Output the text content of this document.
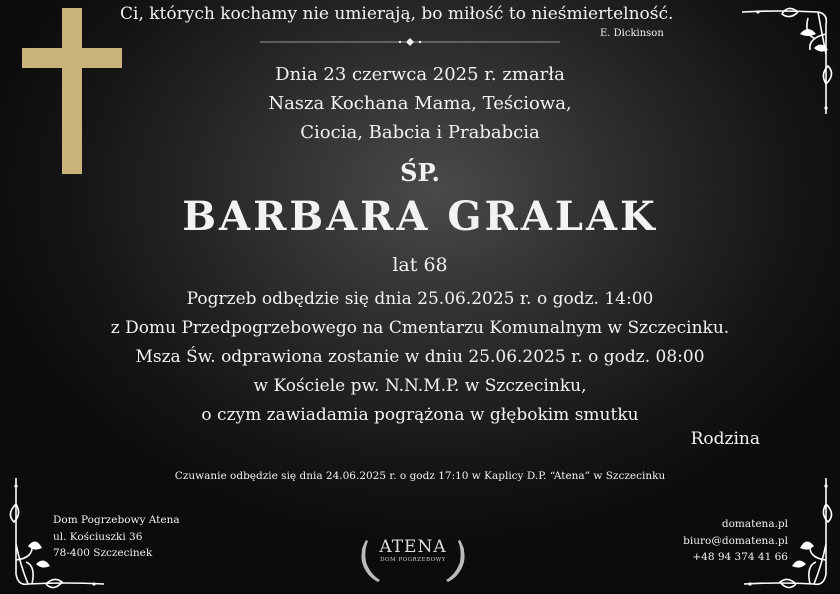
Ci, których kochamy nie umierają, bo miłość to nieśmiertelność.
E. Dickinson
Dnia 23 czerwca 2025 r. zmarła
Nasza Kochana Mama, Teściowa,
Ciocia, Babcia i Prababcia
ŚP.
BARBARA GRALAK
lat 68
Pogrzeb odbędzie się dnia 25.06.2025 r. o godz. 14:00
z Domu Przedpogrzebowego na Cmentarzu Komunalnym w Szczecinku.
Msza Św. odprawiona zostanie w dniu 25.06.2025 r. o godz. 08:00
w Kościele pw. N.N.M.P. w Szczecinku,
o czym zawiadamia pogrążona w głębokim smutku
Rodzina
Czuwanie odbędzie się dnia 24.06.2025 r. o godz 17:10 w Kaplicy D.P. “Atena” w Szczecinku
Dom Pogrzebowy Atena
ul. Kościuszki 36
78-400 Szczecinek
domatena.pl
biuro@domatena.pl
+48 94 374 41 66
ATENA
DOM POGRZEBOWY
